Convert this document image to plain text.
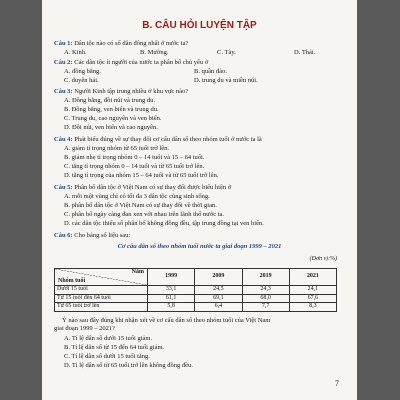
B. CÂU HỎI LUYỆN TẬP
Câu 1: Dân tộc nào có số dân đông nhất ở nước ta?
A. Kinh.	B. Mường.	C. Tày.	D. Thái.
Câu 2: Các dân tộc ít người của nước ta phân bố chủ yếu ở
A. đồng bằng.	B. quần đảo.
C. duyên hải.	D. trung du và miền núi.
Câu 3: Người Kinh tập trung nhiều ở khu vực nào?
A. Đồng bằng, đồi núi và trung du.
B. Đồng bằng, ven biển và trung du.
C. Trung du, cao nguyên và ven biển.
D. Đồi núi, ven biển và cao nguyên.
Câu 4: Phát biểu đúng về sự thay đổi cơ cấu dân số theo nhóm tuổi ở nước ta là
A. giảm tỉ trọng nhóm từ 65 tuổi trở lên.
B. giảm nhẹ tỉ trọng nhóm 0 – 14 tuổi và 15 – 64 tuổi.
C. tăng tỉ trọng nhóm 0 – 14 tuổi và từ 65 tuổi trở lên.
D. tăng tỉ trọng của nhóm 15 – 64 tuổi và từ 65 tuổi trở lên.
Câu 5: Phân bố dân tộc ở Việt Nam có sự thay đổi được biểu hiện ở
A. mỗi một vùng chỉ có tối đa 3 dân tộc cùng sinh sống.
B. phân bố dân tộc ở Việt Nam có sự thay đổi về thời gian.
C. phân bố ngày càng đan xen với nhau trên lãnh thổ nước ta.
D. các dân tộc thiểu số phân bố không đồng đều, tập trung đồng tại ven biển.
Câu 6: Cho bảng số liệu sau:
Cơ cấu dân số theo nhóm tuổi nước ta giai đoạn 1999 – 2021
(Đơn vị:%)
Năm
Nhóm tuổi	1999	2009	2019	2021
Dưới 15 tuổi	33,1	24,5	24,3	24,1
Từ 15 tuổi đến 64 tuổi	61,1	69,1	68,0	67,6
Từ 65 tuổi trở lên	5,8	6,4	7,7	8,3
Ý nào sau đây đúng khi nhận xét về cơ cấu dân số theo nhóm tuổi của Việt Nam
giai đoạn 1999 – 2021?
A. Tỉ lệ dân số dưới 15 tuổi giảm.
B. Tỉ lệ dân số từ 15 đến 64 tuổi giảm.
C. Tỉ lệ dân số dưới 15 tuổi tăng.
D. Tỉ lệ dân số từ 65 tuổi trở lên không đồng đều.
7
